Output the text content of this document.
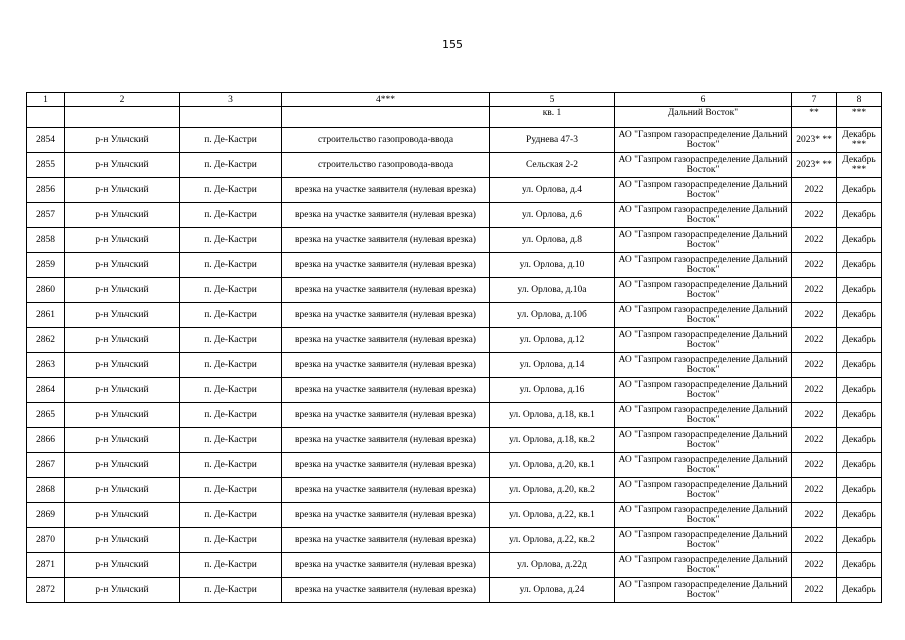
155
1	2	3	4***	5	6	7	8
				кв. 1	Дальний Восток"	**	***
2854	р-н Ульчский	п. Де-Кастри	строительство газопровода-ввода	Руднева 47-3	АО "Газпром газораспределение Дальний Восток"	2023* **	Декабрь ***
2855	р-н Ульчский	п. Де-Кастри	строительство газопровода-ввода	Сельская 2-2	АО "Газпром газораспределение Дальний Восток"	2023* **	Декабрь ***
2856	р-н Ульчский	п. Де-Кастри	врезка на участке заявителя (нулевая врезка)	ул. Орлова, д.4	АО "Газпром газораспределение Дальний Восток"	2022	Декабрь
2857	р-н Ульчский	п. Де-Кастри	врезка на участке заявителя (нулевая врезка)	ул. Орлова, д.6	АО "Газпром газораспределение Дальний Восток"	2022	Декабрь
2858	р-н Ульчский	п. Де-Кастри	врезка на участке заявителя (нулевая врезка)	ул. Орлова, д.8	АО "Газпром газораспределение Дальний Восток"	2022	Декабрь
2859	р-н Ульчский	п. Де-Кастри	врезка на участке заявителя (нулевая врезка)	ул. Орлова, д.10	АО "Газпром газораспределение Дальний Восток"	2022	Декабрь
2860	р-н Ульчский	п. Де-Кастри	врезка на участке заявителя (нулевая врезка)	ул. Орлова, д.10а	АО "Газпром газораспределение Дальний Восток"	2022	Декабрь
2861	р-н Ульчский	п. Де-Кастри	врезка на участке заявителя (нулевая врезка)	ул. Орлова, д.10б	АО "Газпром газораспределение Дальний Восток"	2022	Декабрь
2862	р-н Ульчский	п. Де-Кастри	врезка на участке заявителя (нулевая врезка)	ул. Орлова, д.12	АО "Газпром газораспределение Дальний Восток"	2022	Декабрь
2863	р-н Ульчский	п. Де-Кастри	врезка на участке заявителя (нулевая врезка)	ул. Орлова, д.14	АО "Газпром газораспределение Дальний Восток"	2022	Декабрь
2864	р-н Ульчский	п. Де-Кастри	врезка на участке заявителя (нулевая врезка)	ул. Орлова, д.16	АО "Газпром газораспределение Дальний Восток"	2022	Декабрь
2865	р-н Ульчский	п. Де-Кастри	врезка на участке заявителя (нулевая врезка)	ул. Орлова, д.18, кв.1	АО "Газпром газораспределение Дальний Восток"	2022	Декабрь
2866	р-н Ульчский	п. Де-Кастри	врезка на участке заявителя (нулевая врезка)	ул. Орлова, д.18, кв.2	АО "Газпром газораспределение Дальний Восток"	2022	Декабрь
2867	р-н Ульчский	п. Де-Кастри	врезка на участке заявителя (нулевая врезка)	ул. Орлова, д.20, кв.1	АО "Газпром газораспределение Дальний Восток"	2022	Декабрь
2868	р-н Ульчский	п. Де-Кастри	врезка на участке заявителя (нулевая врезка)	ул. Орлова, д.20, кв.2	АО "Газпром газораспределение Дальний Восток"	2022	Декабрь
2869	р-н Ульчский	п. Де-Кастри	врезка на участке заявителя (нулевая врезка)	ул. Орлова, д.22, кв.1	АО "Газпром газораспределение Дальний Восток"	2022	Декабрь
2870	р-н Ульчский	п. Де-Кастри	врезка на участке заявителя (нулевая врезка)	ул. Орлова, д.22, кв.2	АО "Газпром газораспределение Дальний Восток"	2022	Декабрь
2871	р-н Ульчский	п. Де-Кастри	врезка на участке заявителя (нулевая врезка)	ул. Орлова, д.22д	АО "Газпром газораспределение Дальний Восток"	2022	Декабрь
2872	р-н Ульчский	п. Де-Кастри	врезка на участке заявителя (нулевая врезка)	ул. Орлова, д.24	АО "Газпром газораспределение Дальний Восток"	2022	Декабрь
